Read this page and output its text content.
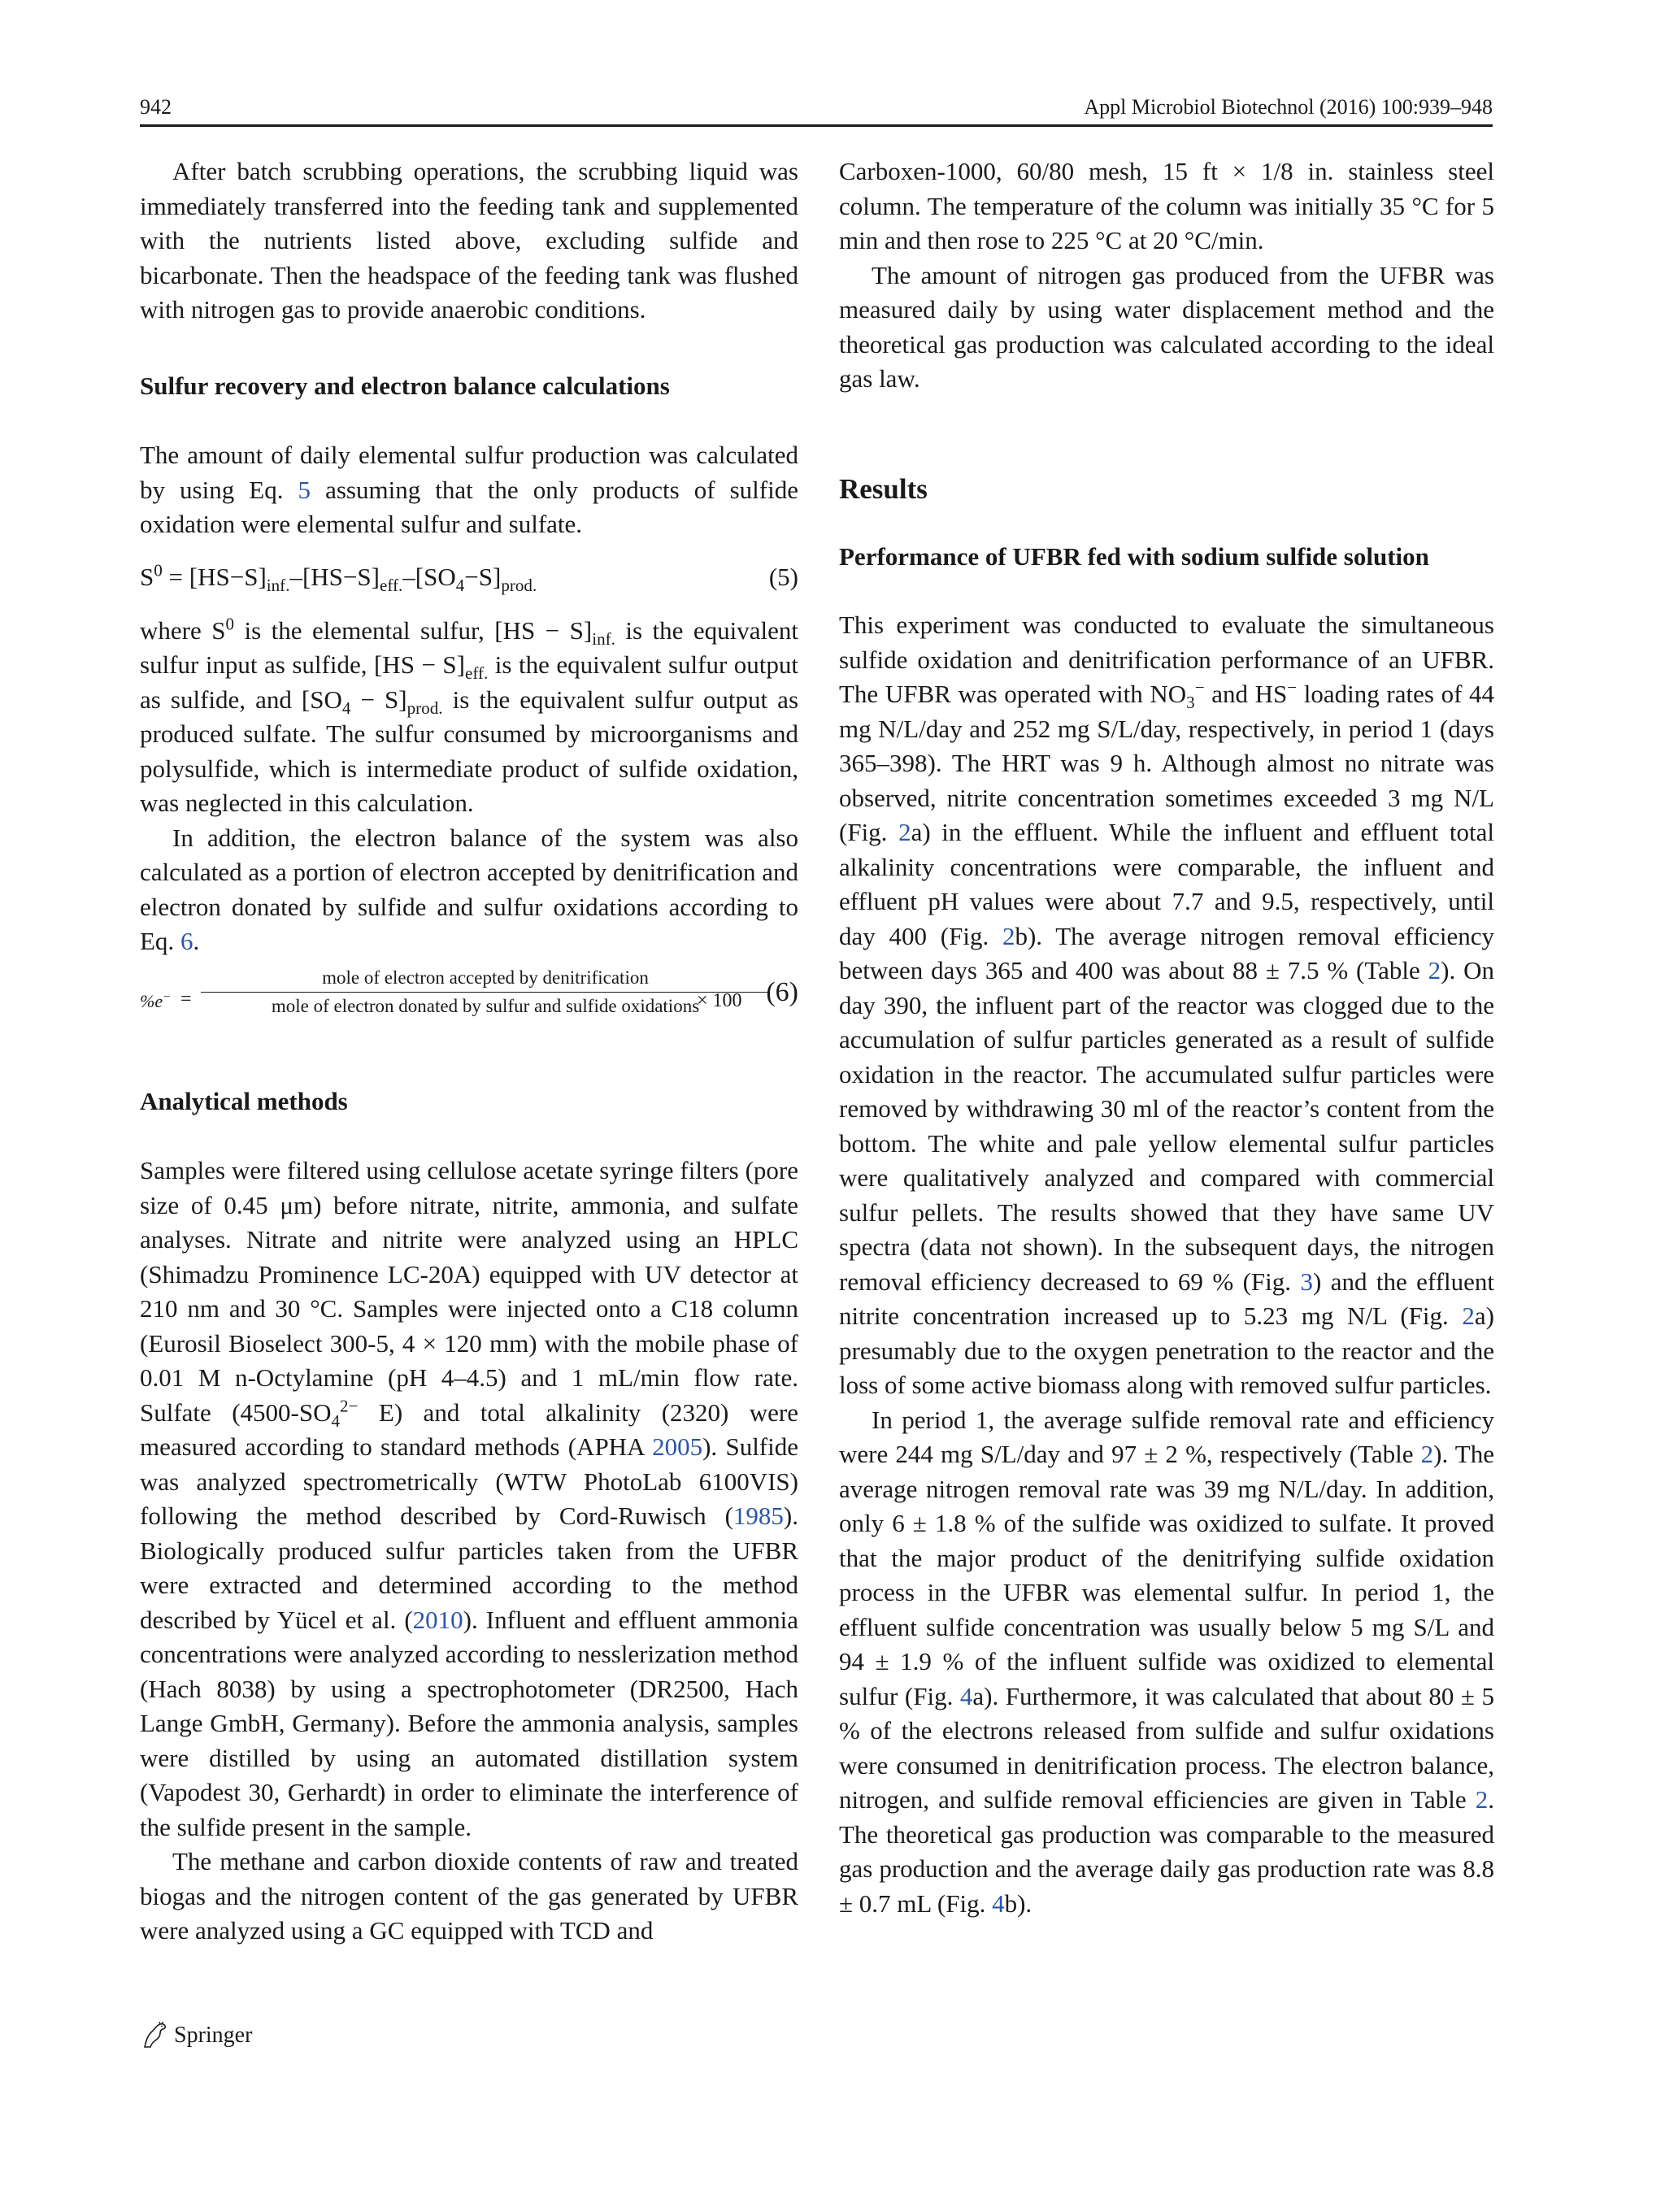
942	Appl Microbiol Biotechnol (2016) 100:939–948

After batch scrubbing operations, the scrubbing liquid was immediately transferred into the feeding tank and supplemented with the nutrients listed above, excluding sulfide and bicarbonate. Then the headspace of the feeding tank was flushed with nitrogen gas to provide anaerobic conditions.

Sulfur recovery and electron balance calculations

The amount of daily elemental sulfur production was calculated by using Eq. 5 assuming that the only products of sulfide oxidation were elemental sulfur and sulfate.

$S^0 = [HS-S]_{inf.}-[HS-S]_{eff.}-[SO_4-S]_{prod.}$	(5)

where $S^0$ is the elemental sulfur, $[HS - S]_{inf.}$ is the equivalent sulfur input as sulfide, $[HS - S]_{eff.}$ is the equivalent sulfur output as sulfide, and $[SO_4 - S]_{prod.}$ is the equivalent sulfur output as produced sulfate. The sulfur consumed by microorganisms and polysulfide, which is intermediate product of sulfide oxidation, was neglected in this calculation.

In addition, the electron balance of the system was also calculated as a portion of electron accepted by denitrification and electron donated by sulfide and sulfur oxidations according to Eq. 6.

%e− =
mole of electron accepted by denitrification
mole of electron donated by sulfur and sulfide oxidations
× 100 (6)
Analytical methods

Samples were filtered using cellulose acetate syringe filters (pore size of 0.45 μm) before nitrate, nitrite, ammonia, and sulfate analyses. Nitrate and nitrite were analyzed using an HPLC (Shimadzu Prominence LC-20A) equipped with UV detector at 210 nm and 30 °C. Samples were injected onto a C18 column (Eurosil Bioselect 300-5, 4 × 120 mm) with the mobile phase of 0.01 M n-Octylamine (pH 4–4.5) and 1 mL/min flow rate. Sulfate ($4500-SO_4^{2-}$ E) and total alkalinity (2320) were measured according to standard methods (APHA 2005). Sulfide was analyzed spectrometrically (WTW PhotoLab 6100VIS) following the method described by Cord-Ruwisch (1985). Biologically produced sulfur particles taken from the UFBR were extracted and determined according to the method described by Yücel et al. (2010). Influent and effluent ammonia concentrations were analyzed according to nesslerization method (Hach 8038) by using a spectrophotometer (DR2500, Hach Lange GmbH, Germany). Before the ammonia analysis, samples were distilled by using an automated distillation system (Vapodest 30, Gerhardt) in order to eliminate the interference of the sulfide present in the sample.

The methane and carbon dioxide contents of raw and treated biogas and the nitrogen content of the gas generated by UFBR were analyzed using a GC equipped with TCD and

Carboxen-1000, 60/80 mesh, 15 ft × 1/8 in. stainless steel column. The temperature of the column was initially 35 °C for 5 min and then rose to 225 °C at 20 °C/min.

The amount of nitrogen gas produced from the UFBR was measured daily by using water displacement method and the theoretical gas production was calculated according to the ideal gas law.

Results
Performance of UFBR fed with sodium sulfide solution

This experiment was conducted to evaluate the simultaneous sulfide oxidation and denitrification performance of an UFBR. The UFBR was operated with $NO_3^-$ and HS− loading rates of 44 mg N/L/day and 252 mg S/L/day, respectively, in period 1 (days 365–398). The HRT was 9 h. Although almost no nitrate was observed, nitrite concentration sometimes exceeded 3 mg N/L (Fig. 2a) in the effluent. While the influent and effluent total alkalinity concentrations were comparable, the influent and effluent pH values were about 7.7 and 9.5, respectively, until day 400 (Fig. 2b). The average nitrogen removal efficiency between days 365 and 400 was about 88 ± 7.5 % (Table 2). On day 390, the influent part of the reactor was clogged due to the accumulation of sulfur particles generated as a result of sulfide oxidation in the reactor. The accumulated sulfur particles were removed by withdrawing 30 ml of the reactor’s content from the bottom. The white and pale yellow elemental sulfur particles were qualitatively analyzed and compared with commercial sulfur pellets. The results showed that they have same UV spectra (data not shown). In the subsequent days, the nitrogen removal efficiency decreased to 69 % (Fig. 3) and the effluent nitrite concentration increased up to 5.23 mg N/L (Fig. 2a) presumably due to the oxygen penetration to the reactor and the loss of some active biomass along with removed sulfur particles.

In period 1, the average sulfide removal rate and efficiency were 244 mg S/L/day and 97 ± 2 %, respectively (Table 2). The average nitrogen removal rate was 39 mg N/L/day. In addition, only 6 ± 1.8 % of the sulfide was oxidized to sulfate. It proved that the major product of the denitrifying sulfide oxidation process in the UFBR was elemental sulfur. In period 1, the effluent sulfide concentration was usually below 5 mg S/L and 94 ± 1.9 % of the influent sulfide was oxidized to elemental sulfur (Fig. 4a). Furthermore, it was calculated that about 80 ± 5 % of the electrons released from sulfide and sulfur oxidations were consumed in denitrification process. The electron balance, nitrogen, and sulfide removal efficiencies are given in Table 2. The theoretical gas production was comparable to the measured gas production and the average daily gas production rate was 8.8 ± 0.7 mL (Fig. 4b).

Springer
